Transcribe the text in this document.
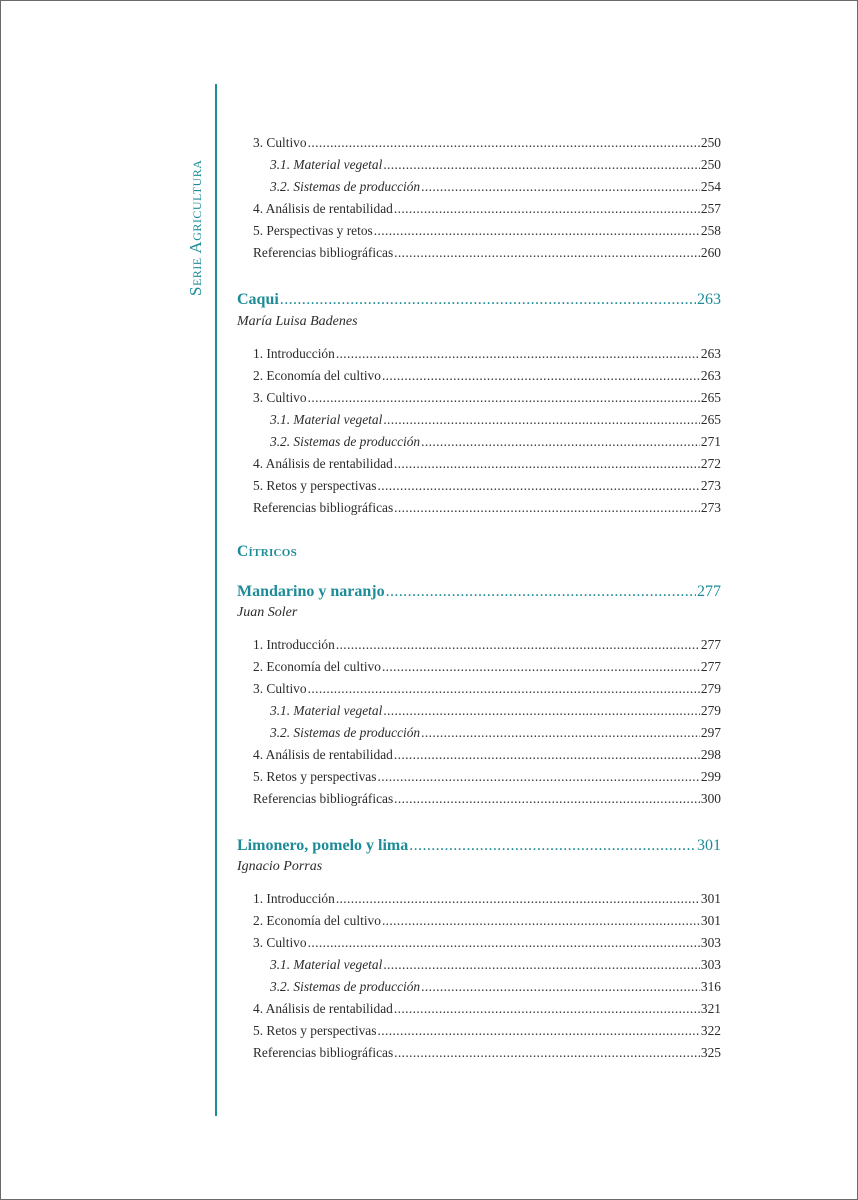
Serie Agricultura
3. Cultivo .....	250
3.1. Material vegetal .....	250
3.2. Sistemas de producción .....	254
4. Análisis de rentabilidad .....	257
5. Perspectivas y retos .....	258
Referencias bibliográficas .....	260
Caqui .....	263
María Luisa Badenes
1. Introducción .....	263
2. Economía del cultivo .....	263
3. Cultivo .....	265
3.1. Material vegetal .....	265
3.2. Sistemas de producción .....	271
4. Análisis de rentabilidad .....	272
5. Retos y perspectivas .....	273
Referencias bibliográficas .....	273
Cítricos
Mandarino y naranjo .....	277
Juan Soler
1. Introducción .....	277
2. Economía del cultivo .....	277
3. Cultivo .....	279
3.1. Material vegetal .....	279
3.2. Sistemas de producción .....	297
4. Análisis de rentabilidad .....	298
5. Retos y perspectivas .....	299
Referencias bibliográficas .....	300
Limonero, pomelo y lima .....	301
Ignacio Porras
1. Introducción .....	301
2. Economía del cultivo .....	301
3. Cultivo .....	303
3.1. Material vegetal .....	303
3.2. Sistemas de producción .....	316
4. Análisis de rentabilidad .....	321
5. Retos y perspectivas .....	322
Referencias bibliográficas .....	325
